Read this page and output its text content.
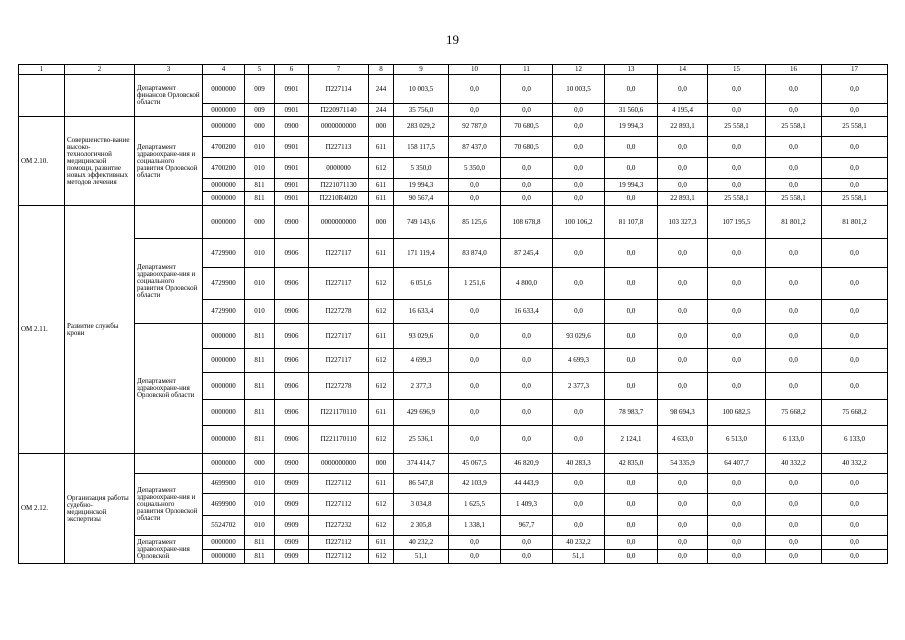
19
1	2	3	4	5	6	7	8	9	10	11	12	13	14	15	16	17
		Департамент финансов Орловской области	0000000	009	0901	П227114	244	10 003,5	0,0	0,0	10 003,5	0,0	0,0	0,0	0,0	0,0
			0000000	009	0901	П220971140	244	35 756,0	0,0	0,0	0,0	31 560,6	4 195,4	0,0	0,0	0,0
ОМ 2.10.	Совершенство-вание высоко-технологичной медицинской помощи, развитие новых эффективных методов лечения	Департамент здравоохране-ния и социального развития Орловской области	0000000	000	0900	0000000000	000	283 029,2	92 787,0	70 680,5	0,0	19 994,3	22 893,1	25 558,1	25 558,1	25 558,1
			4700200	010	0901	П227113	611	158 117,5	87 437,0	70 680,5	0,0	0,0	0,0	0,0	0,0	0,0
			4700200	010	0901	0000000	612	5 350,0	5 350,0	0,0	0,0	0,0	0,0	0,0	0,0	0,0
			0000000	811	0901	П221071130	611	19 994,3	0,0	0,0	0,0	19 994,3	0,0	0,0	0,0	0,0
			0000000	811	0901	П2210R4020	611	90 567,4	0,0	0,0	0,0	0,0	22 893,1	25 558,1	25 558,1	25 558,1
ОМ 2.11.	Развитие службы крови		0000000	000	0900	0000000000	000	749 143,6	85 125,6	108 678,8	100 106,2	81 107,8	103 327,3	107 195,5	81 801,2	81 801,2
		Департамент здравоохране-ния и социального развития Орловской области	4729900	010	0906	П227117	611	171 119,4	83 874,0	87 245,4	0,0	0,0	0,0	0,0	0,0	0,0
			4729900	010	0906	П227117	612	6 051,6	1 251,6	4 800,0	0,0	0,0	0,0	0,0	0,0	0,0
			4729900	010	0906	П227278	612	16 633,4	0,0	16 633,4	0,0	0,0	0,0	0,0	0,0	0,0
		Департамент здравоохране-ния Орловской области	0000000	811	0906	П227117	611	93 029,6	0,0	0,0	93 029,6	0,0	0,0	0,0	0,0	0,0
			0000000	811	0906	П227117	612	4 699,3	0,0	0,0	4 699,3	0,0	0,0	0,0	0,0	0,0
			0000000	811	0906	П227278	612	2 377,3	0,0	0,0	2 377,3	0,0	0,0	0,0	0,0	0,0
			0000000	811	0906	П221170110	611	429 696,9	0,0	0,0	0,0	78 983,7	98 694,3	100 682,5	75 668,2	75 668,2
			0000000	811	0906	П221170110	612	25 536,1	0,0	0,0	0,0	2 124,1	4 633,0	6 513,0	6 133,0	6 133,0
ОМ 2.12.	Организация работы судебно-медицинской экспертизы		0000000	000	0900	0000000000	000	374 414,7	45 067,5	46 820,9	40 283,3	42 835,0	54 335,9	64 407,7	40 332,2	40 332,2
		Департамент здравоохране-ния и социального развития Орловской области	4699900	010	0909	П227112	611	86 547,8	42 103,9	44 443,9	0,0	0,0	0,0	0,0	0,0	0,0
			4699900	010	0909	П227112	612	3 034,8	1 625,5	1 409,3	0,0	0,0	0,0	0,0	0,0	0,0
			5524702	010	0909	П227232	612	2 305,8	1 338,1	967,7	0,0	0,0	0,0	0,0	0,0	0,0
		Департамент здравоохране-ния Орловской	0000000	811	0909	П227112	611	40 232,2	0,0	0,0	40 232,2	0,0	0,0	0,0	0,0	0,0
			0000000	811	0909	П227112	612	51,1	0,0	0,0	51,1	0,0	0,0	0,0	0,0	0,0
